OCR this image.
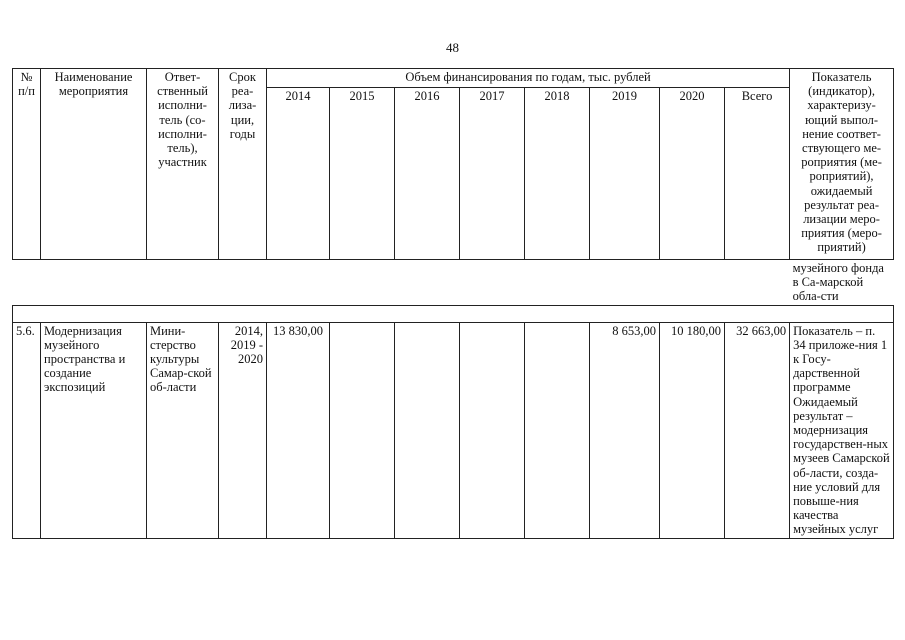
48
№ п/п	Наименование мероприятия	Ответ-ственный исполни-тель (со-исполни-тель), участник	Срок реа-лиза-ции, годы	Объем финансирования по годам, тыс. рублей								Показатель (индикатор), характеризу-ющий выпол-нение соответ-ствующего ме-роприятия (ме-роприятий), ожидаемый результат реа-лизации меро-приятия (меро-приятий)
				2014	2015	2016	2017	2018	2019	2020	Всего	
												музейного фонда в Са-марской обла-сти

5.6.	Модернизация музейного пространства и создание экспозиций	Мини-стерство культуры Самар-ской об-ласти	2014, 2019 - 2020	13 830,00					8 653,00	10 180,00	32 663,00	Показатель – п. 34 приложе-ния 1 к Госу-дарственной программе Ожидаемый результат – модернизация государствен-ных музеев Самарской об-ласти, созда-ние условий для повыше-ния качества музейных услуг
